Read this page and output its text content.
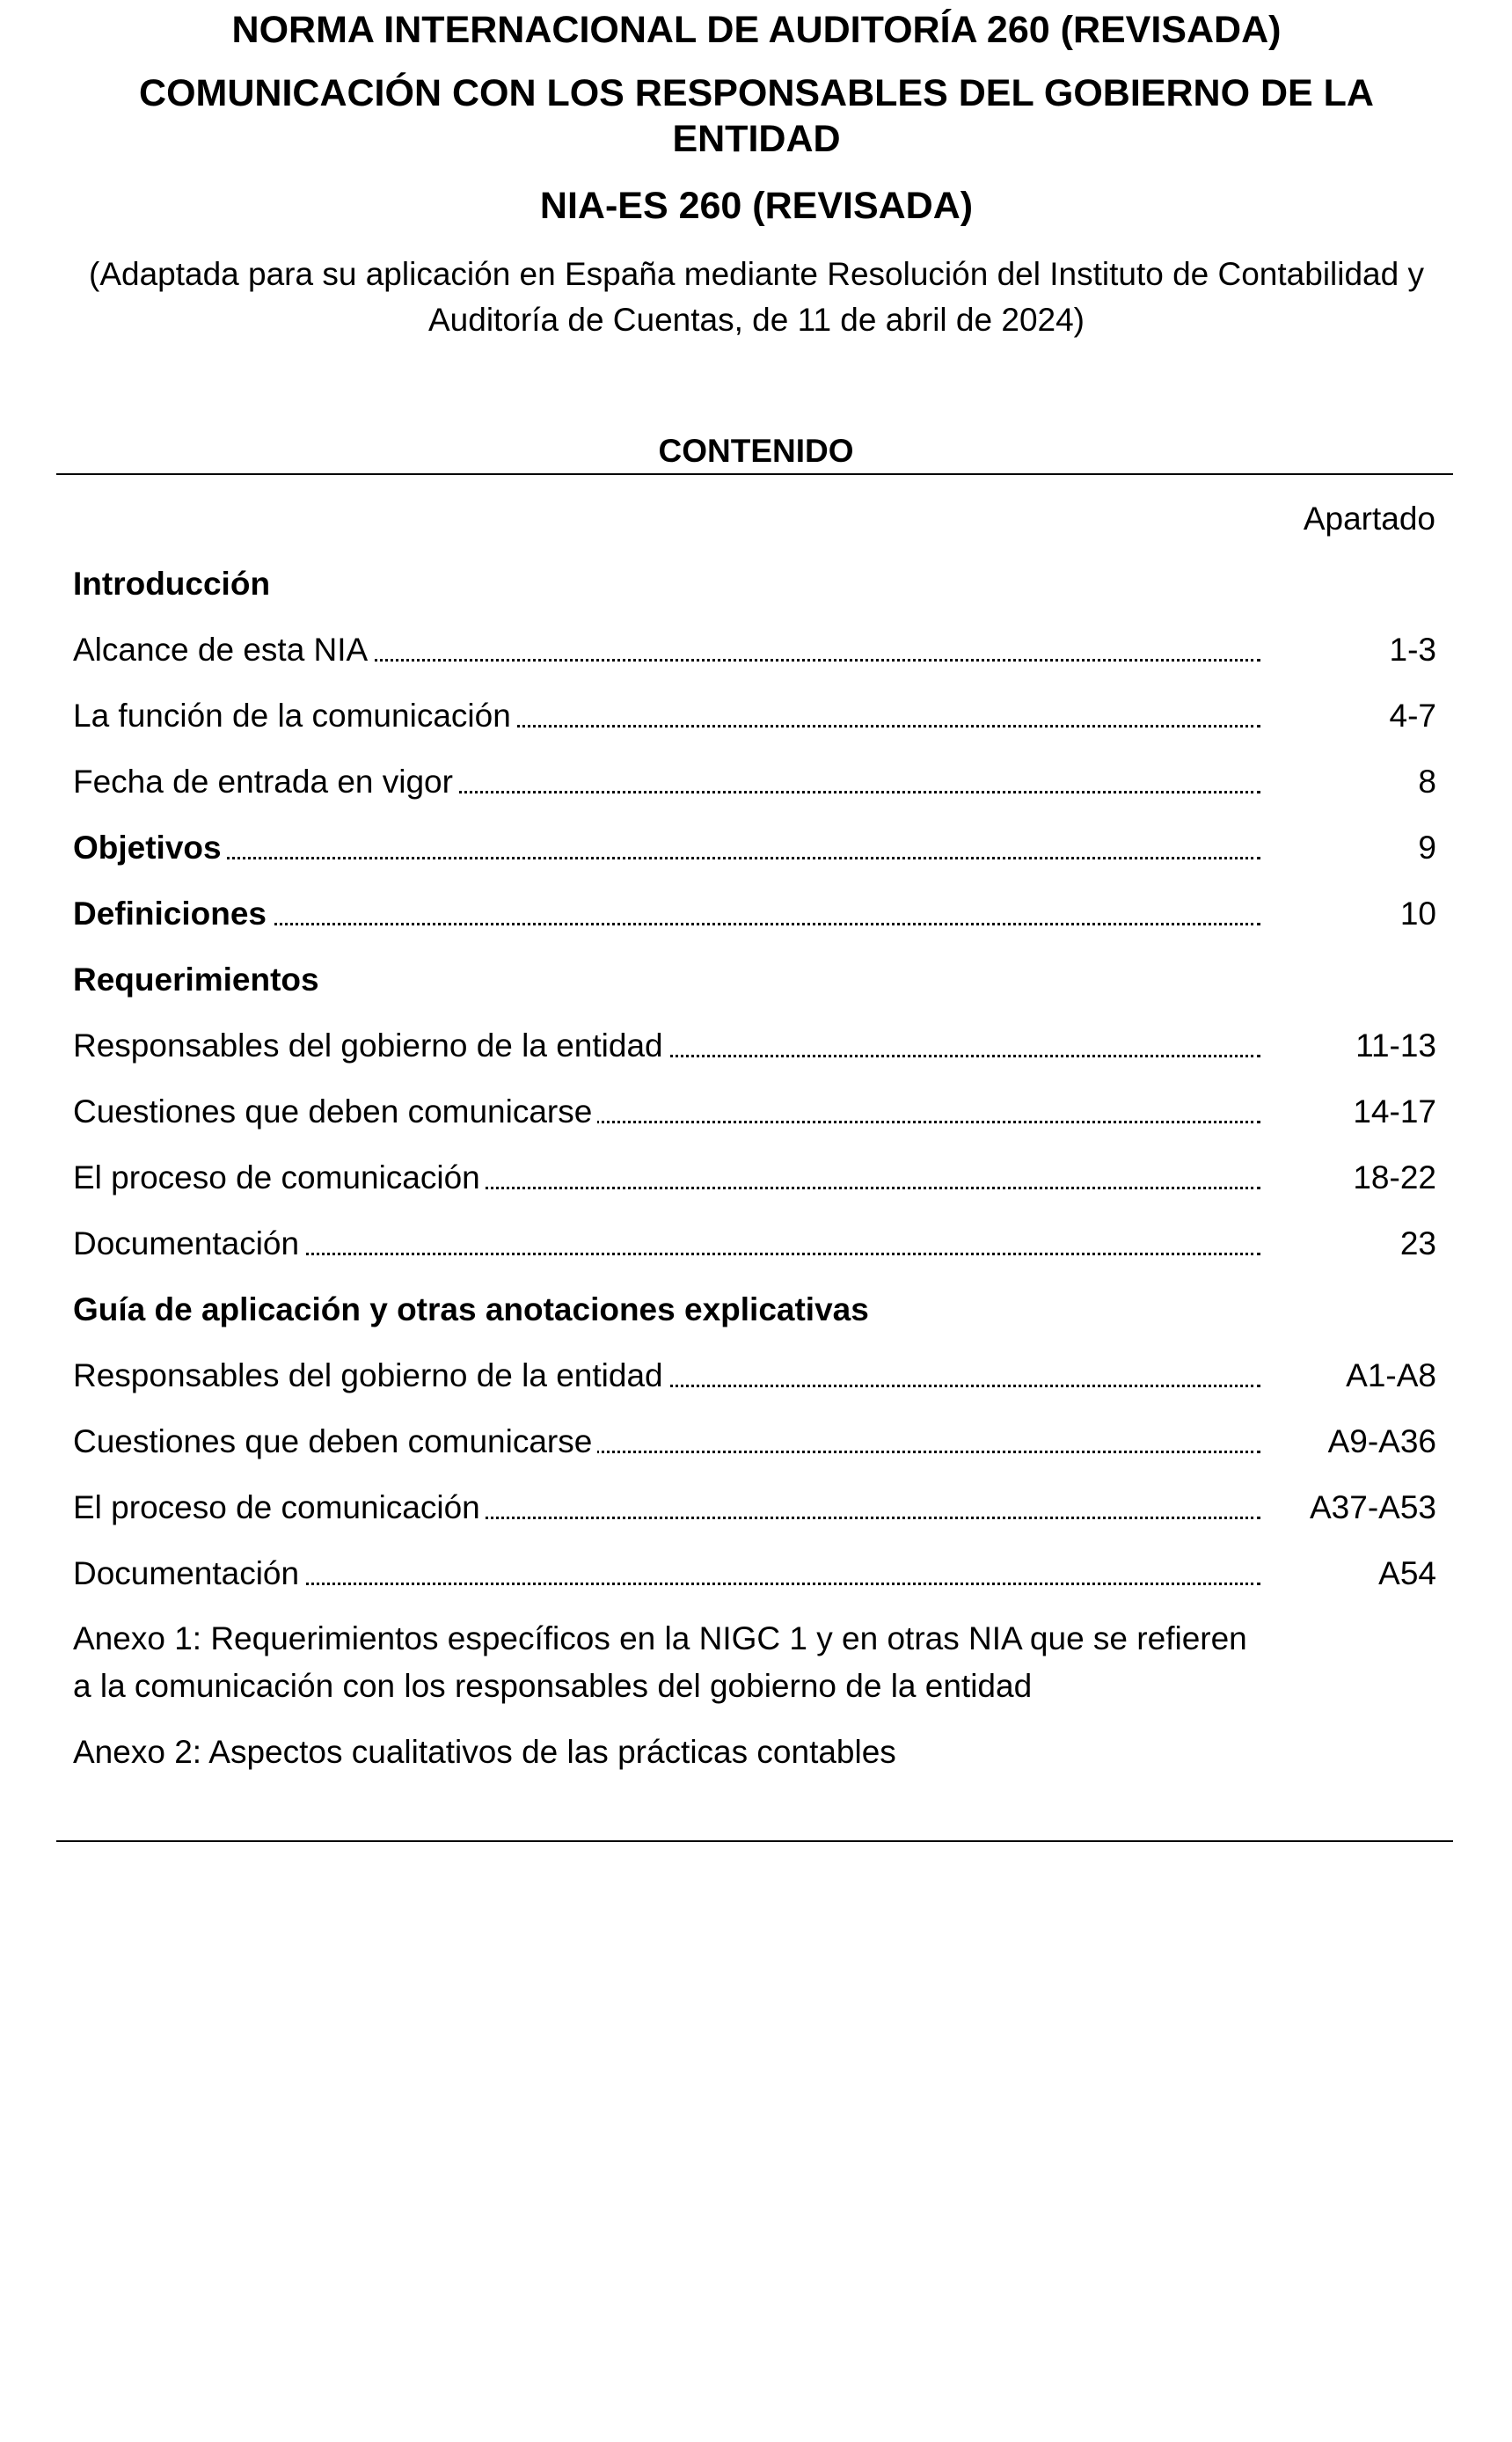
NORMA INTERNACIONAL DE AUDITORÍA 260 (REVISADA)
COMUNICACIÓN CON LOS RESPONSABLES DEL GOBIERNO DE LA ENTIDAD
NIA-ES 260 (REVISADA)

(Adaptada para su aplicación en España mediante Resolución del Instituto de Contabilidad y Auditoría de Cuentas, de 11 de abril de 2024)

CONTENIDO
Apartado
Introducción
Alcance de esta NIA	1-3
La función de la comunicación	4-7
Fecha de entrada en vigor	8
Objetivos	9
Definiciones	10
Requerimientos
Responsables del gobierno de la entidad	11-13
Cuestiones que deben comunicarse	14-17
El proceso de comunicación	18-22
Documentación	23
Guía de aplicación y otras anotaciones explicativas
Responsables del gobierno de la entidad	A1-A8
Cuestiones que deben comunicarse	A9-A36
El proceso de comunicación	A37-A53
Documentación	A54

Anexo 1: Requerimientos específicos en la NIGC 1 y en otras NIA que se refieren a la comunicación con los responsables del gobierno de la entidad

Anexo 2: Aspectos cualitativos de las prácticas contables
